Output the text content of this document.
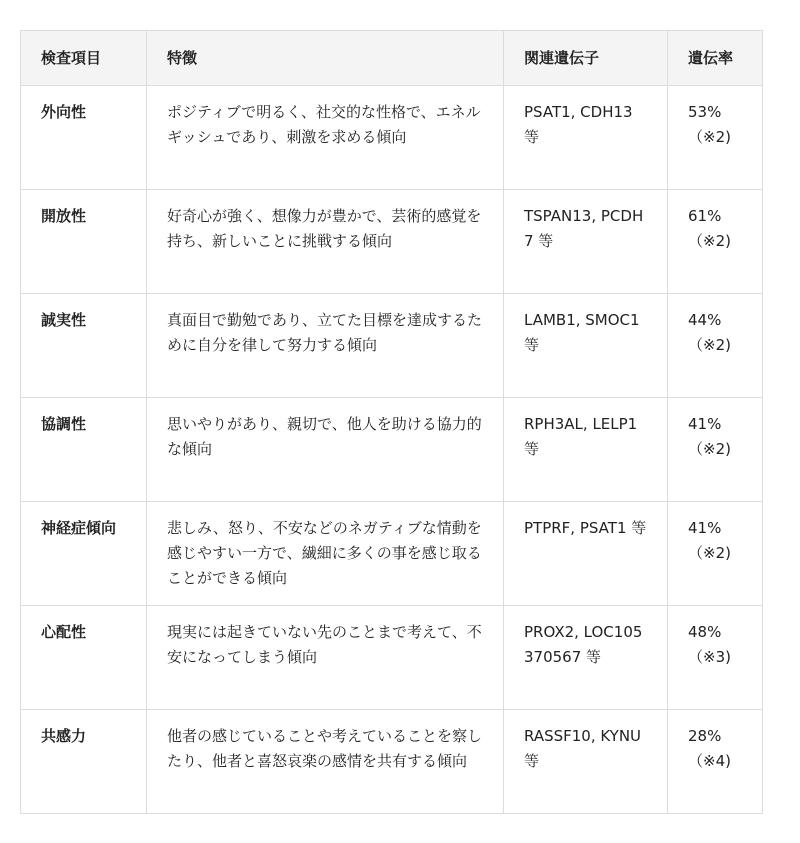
検査項目	特徴	関連遺伝子	遺伝率
外向性	ポジティブで明るく、社交的な性格で、エネルギッシュであり、刺激を求める傾向	PSAT1, CDH13 等	53%（※2)
開放性	好奇心が強く、想像力が豊かで、芸術的感覚を持ち、新しいことに挑戦する傾向	TSPAN13, PCDH7 等	61%（※2)
誠実性	真面目で勤勉であり、立てた目標を達成するために自分を律して努力する傾向	LAMB1, SMOC1 等	44%（※2)
協調性	思いやりがあり、親切で、他人を助ける協力的な傾向	RPH3AL, LELP1 等	41%（※2)
神経症傾向	悲しみ、怒り、不安などのネガティブな情動を感じやすい一方で、繊細に多くの事を感じ取ることができる傾向	PTPRF, PSAT1 等	41%（※2)
心配性	現実には起きていない先のことまで考えて、不安になってしまう傾向	PROX2, LOC105370567 等	48%（※3)
共感力	他者の感じていることや考えていることを察したり、他者と喜怒哀楽の感情を共有する傾向	RASSF10, KYNU 等	28%（※4)
